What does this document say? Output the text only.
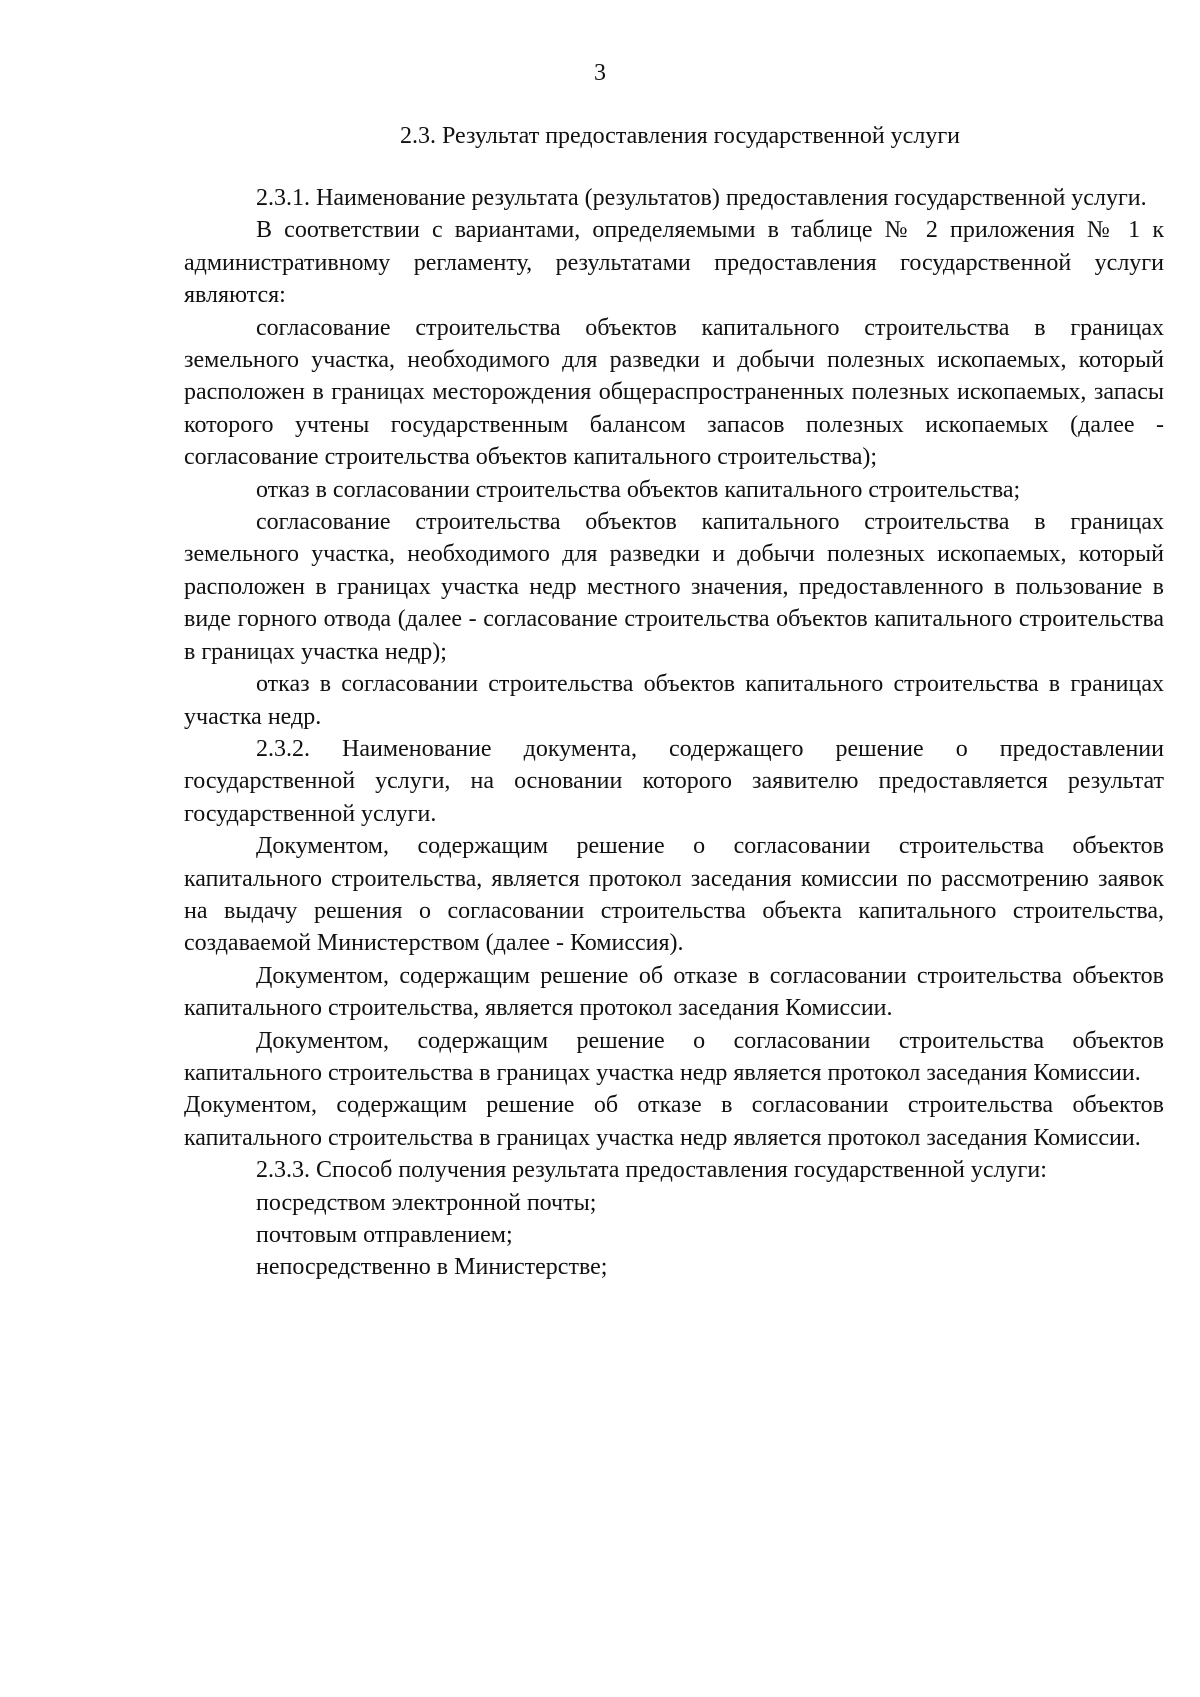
3
2.3. Результат предоставления государственной услуги

2.3.1. Наименование результата (результатов) предоставления государственной услуги.

В соответствии с вариантами, определяемыми в таблице № 2 приложения № 1 к административному регламенту, результатами предоставления государственной услуги являются:

согласование строительства объектов капитального строительства в границах земельного участка, необходимого для разведки и добычи полезных ископаемых, который расположен в границах месторождения общераспространенных полезных ископаемых, запасы которого учтены государственным балансом запасов полезных ископаемых (далее - согласование строительства объектов капитального строительства);

отказ в согласовании строительства объектов капитального строительства;

согласование строительства объектов капитального строительства в границах земельного участка, необходимого для разведки и добычи полезных ископаемых, который расположен в границах участка недр местного значения, предоставленного в пользование в виде горного отвода (далее - согласование строительства объектов капитального строительства в границах участка недр);

отказ в согласовании строительства объектов капитального строительства в границах участка недр.

2.3.2. Наименование документа, содержащего решение о предоставлении государственной услуги, на основании которого заявителю предоставляется результат государственной услуги.

Документом, содержащим решение о согласовании строительства объектов капитального строительства, является протокол заседания комиссии по рассмотрению заявок на выдачу решения о согласовании строительства объекта капитального строительства, создаваемой Министерством (далее - Комиссия).

Документом, содержащим решение об отказе в согласовании строительства объектов капитального строительства, является протокол заседания Комиссии.

Документом, содержащим решение о согласовании строительства объектов капитального строительства в границах участка недр является протокол заседания Комиссии.

Документом, содержащим решение об отказе в согласовании строительства объектов капитального строительства в границах участка недр является протокол заседания Комиссии.

2.3.3. Способ получения результата предоставления государственной услуги:

посредством электронной почты;

почтовым отправлением;

непосредственно в Министерстве;
